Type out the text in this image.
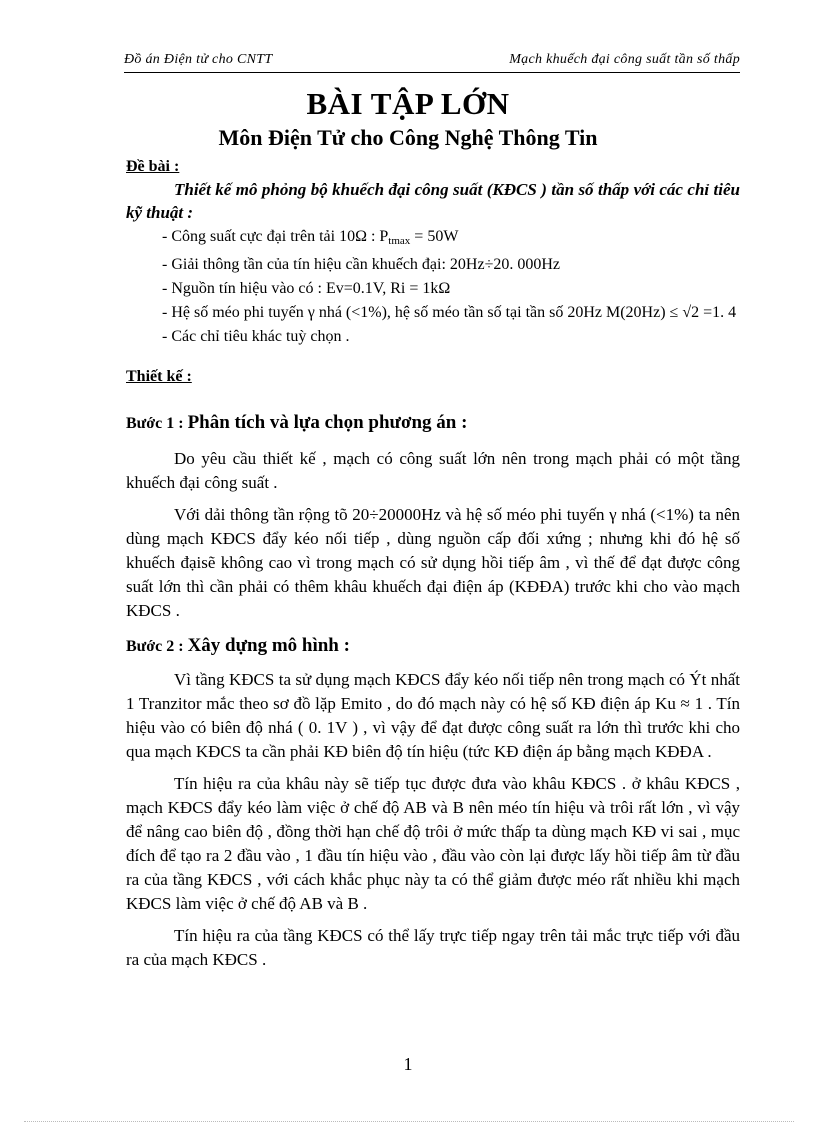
Đồ án Điện tử cho CNTT	Mạch khuếch đại công suất tần số thấp
BÀI TẬP LỚN
Môn Điện Tử cho Công Nghệ Thông Tin

Đề bài :

Thiết kế mô phỏng bộ khuếch đại công suất (KĐCS ) tần số thấp với các chỉ tiêu kỹ thuật :

- Công suất cực đại trên tải 10Ω : $P_{tmax} = 50W$

- Giải thông tần của tín hiệu cần khuếch đại: 20Hz÷20. 000Hz

- Nguồn tín hiệu vào có : Ev=0.1V, Ri = 1kΩ

- Hệ số méo phi tuyến γ nhá (<1%), hệ số méo tần số tại tần số 20Hz M(20Hz) ≤ √2 =1. 4

- Các chỉ tiêu khác tuỳ chọn .

Thiết kế :

Bước 1 : Phân tích và lựa chọn phương án :

Do yêu cầu thiết kế , mạch có công suất lớn nên trong mạch phải có một tầng khuếch đại công suất .

Với dải thông tần rộng tõ 20÷20000Hz và hệ số méo phi tuyến γ nhá (<1%) ta nên dùng mạch KĐCS đẩy kéo nối tiếp , dùng nguồn cấp đối xứng ; nhưng khi đó hệ số khuếch đạisẽ không cao vì trong mạch có sử dụng hồi tiếp âm , vì thế để đạt được công suất lớn thì cần phải có thêm khâu khuếch đại điện áp (KĐĐA) trước khi cho vào mạch KĐCS .

Bước 2 : Xây dựng mô hình :

Vì tầng KĐCS ta sử dụng mạch KĐCS đẩy kéo nối tiếp nên trong mạch có Ýt nhất 1 Tranzitor mắc theo sơ đồ lặp Emito , do đó mạch này có hệ số KĐ điện áp Ku ≈ 1 . Tín hiệu vào có biên độ nhá ( 0. 1V ) , vì vậy để đạt được công suất ra lớn thì trước khi cho qua mạch KĐCS ta cần phải KĐ biên độ tín hiệu (tức KĐ điện áp bằng mạch KĐĐA .

Tín hiệu ra của khâu này sẽ tiếp tục được đưa vào khâu KĐCS . ở khâu KĐCS , mạch KĐCS đẩy kéo làm việc ở chế độ AB và B nên méo tín hiệu và trôi rất lớn , vì vậy để nâng cao biên độ , đồng thời hạn chế độ trôi ở mức thấp ta dùng mạch KĐ vi sai , mục đích để tạo ra 2 đầu vào , 1 đầu tín hiệu vào , đầu vào còn lại được lấy hồi tiếp âm từ đầu ra của tầng KĐCS , với cách khắc phục này ta có thể giảm được méo rất nhiều khi mạch KĐCS làm việc ở chế độ AB và B .

Tín hiệu ra của tầng KĐCS có thể lấy trực tiếp ngay trên tải mắc trực tiếp với đầu ra của mạch KĐCS .

1
